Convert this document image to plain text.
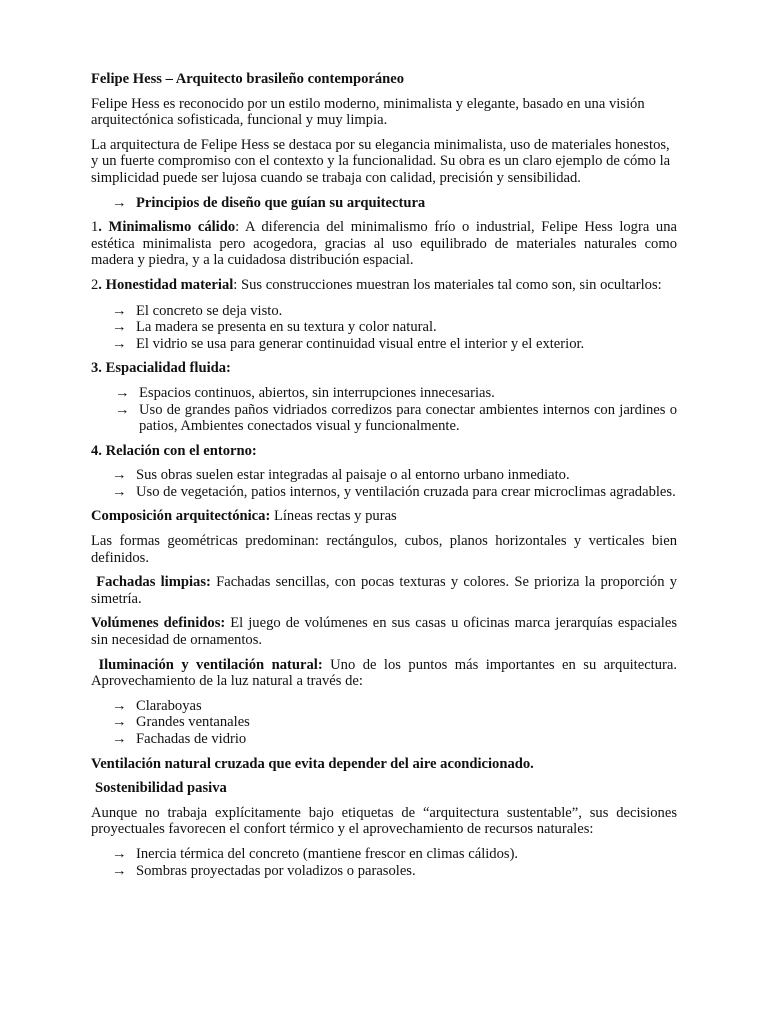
Felipe Hess – Arquitecto brasileño contemporáneo

Felipe Hess es reconocido por un estilo moderno, minimalista y elegante, basado en una visión arquitectónica sofisticada, funcional y muy limpia.

La arquitectura de Felipe Hess se destaca por su elegancia minimalista, uso de materiales honestos, y un fuerte compromiso con el contexto y la funcionalidad. Su obra es un claro ejemplo de cómo la simplicidad puede ser lujosa cuando se trabaja con calidad, precisión y sensibilidad.

→ Principios de diseño que guían su arquitectura

1. Minimalismo cálido: A diferencia del minimalismo frío o industrial, Felipe Hess logra una estética minimalista pero acogedora, gracias al uso equilibrado de materiales naturales como madera y piedra, y a la cuidadosa distribución espacial.

2. Honestidad material: Sus construcciones muestran los materiales tal como son, sin ocultarlos:

→ El concreto se deja visto.
→ La madera se presenta en su textura y color natural.
→ El vidrio se usa para generar continuidad visual entre el interior y el exterior.

3. Espacialidad fluida:

→ Espacios continuos, abiertos, sin interrupciones innecesarias.
→ Uso de grandes paños vidriados corredizos para conectar ambientes internos con jardines o patios, Ambientes conectados visual y funcionalmente.

4. Relación con el entorno:

→ Sus obras suelen estar integradas al paisaje o al entorno urbano inmediato.
→ Uso de vegetación, patios internos, y ventilación cruzada para crear microclimas agradables.

Composición arquitectónica: Líneas rectas y puras

Las formas geométricas predominan: rectángulos, cubos, planos horizontales y verticales bien definidos.

Fachadas limpias: Fachadas sencillas, con pocas texturas y colores. Se prioriza la proporción y simetría.

Volúmenes definidos: El juego de volúmenes en sus casas u oficinas marca jerarquías espaciales sin necesidad de ornamentos.

Iluminación y ventilación natural: Uno de los puntos más importantes en su arquitectura. Aprovechamiento de la luz natural a través de:

→ Claraboyas
→ Grandes ventanales
→ Fachadas de vidrio

Ventilación natural cruzada que evita depender del aire acondicionado.

Sostenibilidad pasiva

Aunque no trabaja explícitamente bajo etiquetas de “arquitectura sustentable”, sus decisiones proyectuales favorecen el confort térmico y el aprovechamiento de recursos naturales:

→ Inercia térmica del concreto (mantiene frescor en climas cálidos).
→ Sombras proyectadas por voladizos o parasoles.
